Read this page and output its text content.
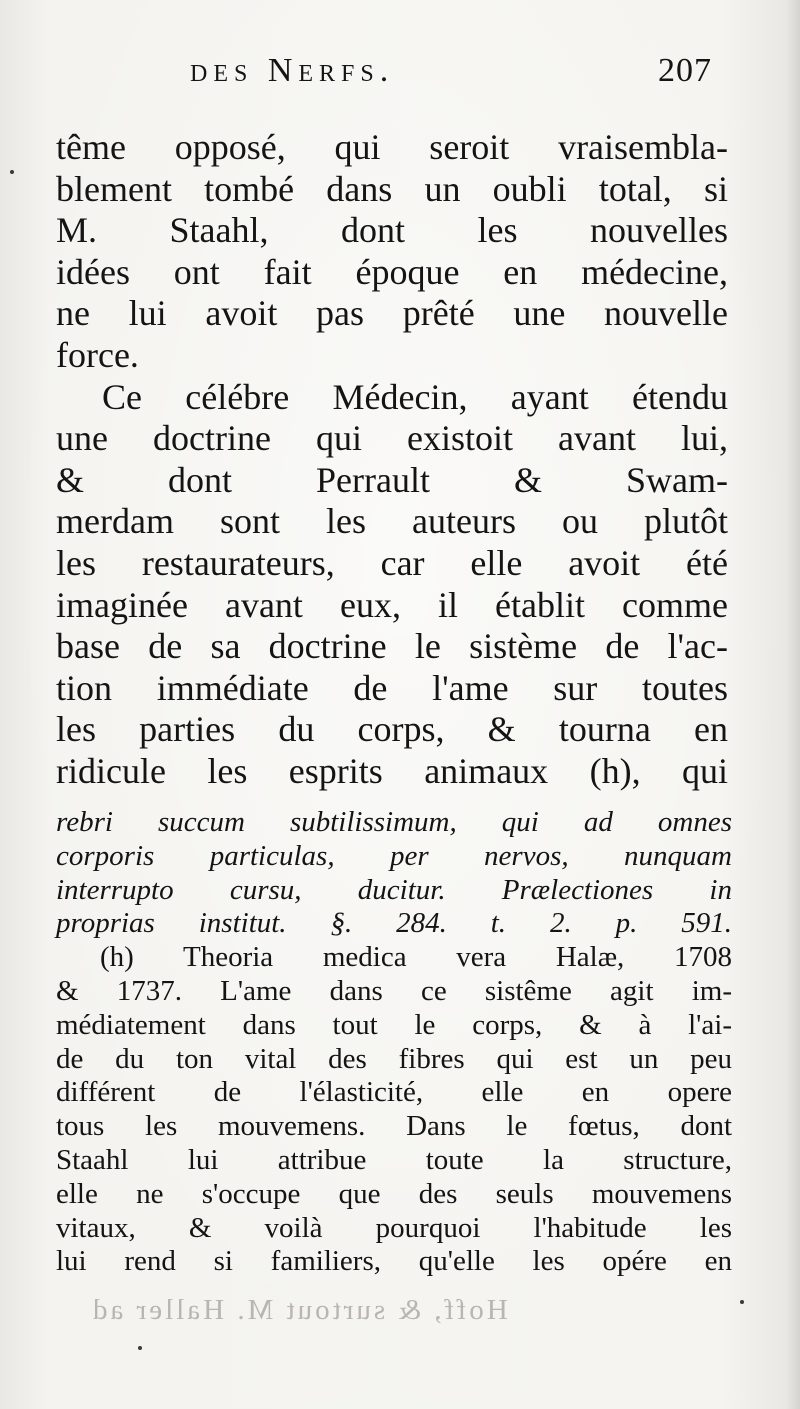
des Nerfs.	207
tême opposé, qui seroit vraisembla-
blement tombé dans un oubli total, si
M. Staahl, dont les nouvelles
idées ont fait époque en médecine,
ne lui avoit pas prêté une nouvelle
force.
Ce célébre Médecin, ayant étendu
une doctrine qui existoit avant lui,
& dont Perrault & Swam-
merdam sont les auteurs ou plutôt
les restaurateurs, car elle avoit été
imaginée avant eux, il établit comme
base de sa doctrine le sistème de l'ac-
tion immédiate de l'ame sur toutes
les parties du corps, & tourna en
ridicule les esprits animaux (h), qui
rebri succum subtilissimum, qui ad omnes
corporis particulas, per nervos, nunquam
interrupto cursu, ducitur. Prælectiones in
proprias institut. §. 284. t. 2. p. 591.
(h) Theoria medica vera Halæ, 1708
& 1737. L'ame dans ce sistême agit im-
médiatement dans tout le corps, & à l'ai-
de du ton vital des fibres qui est un peu
différent de l'élasticité, elle en opere
tous les mouvemens. Dans le fœtus, dont
Staahl lui attribue toute la structure,
elle ne s'occupe que des seuls mouvemens
vitaux, & voilà pourquoi l'habitude les
lui rend si familiers, qu'elle les opére en
Hoff, & surtout M. Haller ad
